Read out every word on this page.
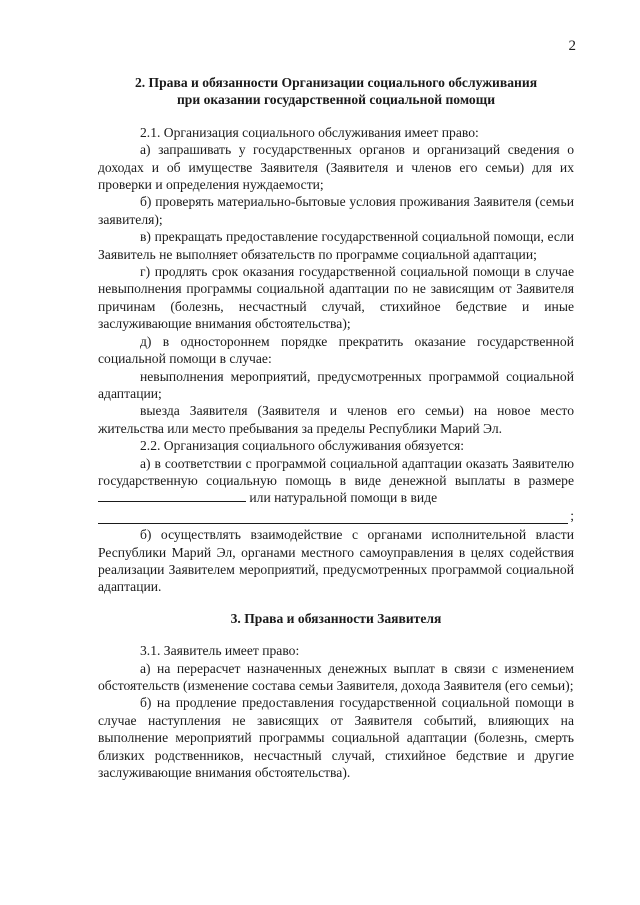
2
2. Права и обязанности Организации социального обслуживания
при оказании государственной социальной помощи

2.1. Организация социального обслуживания имеет право:

а) запрашивать у государственных органов и организаций сведения о доходах и об имуществе Заявителя (Заявителя и членов его семьи) для их проверки и определения нуждаемости;

б) проверять материально-бытовые условия проживания Заявителя (семьи заявителя);

в) прекращать предоставление государственной социальной помощи, если Заявитель не выполняет обязательств по программе социальной адаптации;

г) продлять срок оказания государственной социальной помощи в случае невыполнения программы социальной адаптации по не зависящим от Заявителя причинам (болезнь, несчастный случай, стихийное бедствие и иные заслуживающие внимания обстоятельства);

д) в одностороннем порядке прекратить оказание государственной социальной помощи в случае:

невыполнения мероприятий, предусмотренных программой социальной адаптации;

выезда Заявителя (Заявителя и членов его семьи) на новое место жительства или место пребывания за пределы Республики Марий Эл.

2.2. Организация социального обслуживания обязуется:

а) в соответствии с программой социальной адаптации оказать Заявителю государственную социальную помощь в виде денежной выплаты в размере  или натуральной помощи в виде

;

б) осуществлять взаимодействие с органами исполнительной власти Республики Марий Эл, органами местного самоуправления в целях содействия реализации Заявителем мероприятий, предусмотренных программой социальной адаптации.

3. Права и обязанности Заявителя

3.1. Заявитель имеет право:

а) на перерасчет назначенных денежных выплат в связи с изменением обстоятельств (изменение состава семьи Заявителя, дохода Заявителя (его семьи);

б) на продление предоставления государственной социальной помощи в случае наступления не зависящих от Заявителя событий, влияющих на выполнение мероприятий программы социальной адаптации (болезнь, смерть близких родственников, несчастный случай, стихийное бедствие и другие заслуживающие внимания обстоятельства).
